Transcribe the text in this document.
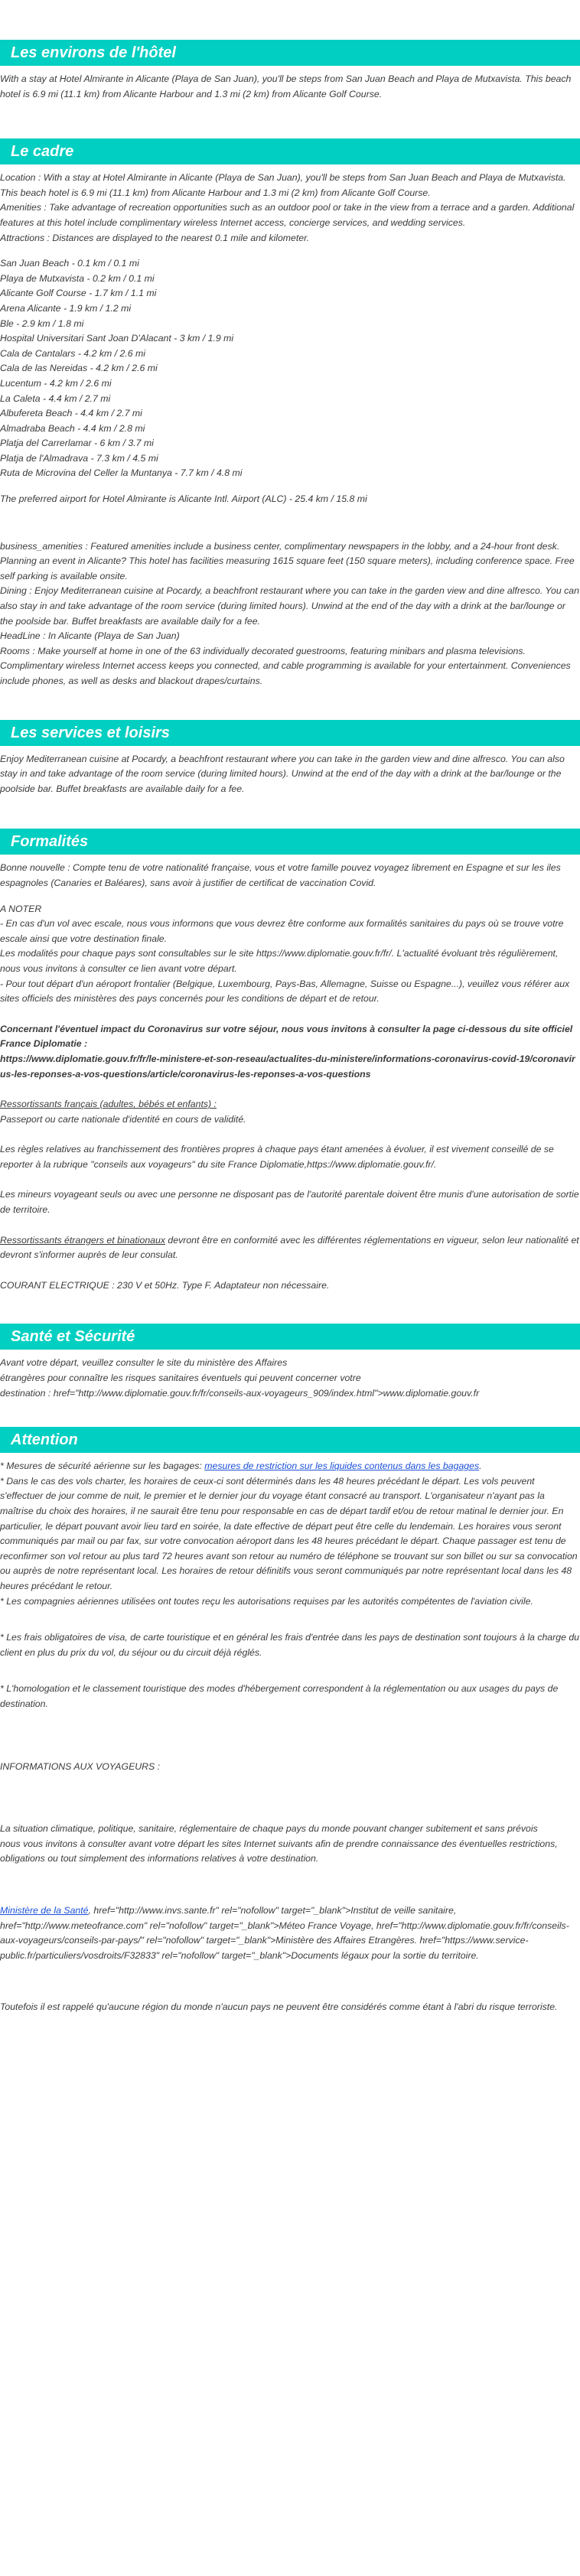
Les environs de l'hôtel

With a stay at Hotel Almirante in Alicante (Playa de San Juan), you'll be steps from San Juan Beach and Playa de Mutxavista. This beach hotel is 6.9 mi (11.1 km) from Alicante Harbour and 1.3 mi (2 km) from Alicante Golf Course.

Le cadre

Location : With a stay at Hotel Almirante in Alicante (Playa de San Juan), you'll be steps from San Juan Beach and Playa de Mutxavista. This beach hotel is 6.9 mi (11.1 km) from Alicante Harbour and 1.3 mi (2 km) from Alicante Golf Course.

Amenities : Take advantage of recreation opportunities such as an outdoor pool or take in the view from a terrace and a garden. Additional features at this hotel include complimentary wireless Internet access, concierge services, and wedding services.

Attractions : Distances are displayed to the nearest 0.1 mile and kilometer.

San Juan Beach - 0.1 km / 0.1 mi
Playa de Mutxavista - 0.2 km / 0.1 mi
Alicante Golf Course - 1.7 km / 1.1 mi
Arena Alicante - 1.9 km / 1.2 mi
Ble - 2.9 km / 1.8 mi
Hospital Universitari Sant Joan D'Alacant - 3 km / 1.9 mi
Cala de Cantalars - 4.2 km / 2.6 mi
Cala de las Nereidas - 4.2 km / 2.6 mi
Lucentum - 4.2 km / 2.6 mi
La Caleta - 4.4 km / 2.7 mi
Albufereta Beach - 4.4 km / 2.7 mi
Almadraba Beach - 4.4 km / 2.8 mi
Platja del Carrerlamar - 6 km / 3.7 mi
Platja de l'Almadrava - 7.3 km / 4.5 mi
Ruta de Microvina del Celler la Muntanya - 7.7 km / 4.8 mi

The preferred airport for Hotel Almirante is Alicante Intl. Airport (ALC) - 25.4 km / 15.8 mi

business_amenities : Featured amenities include a business center, complimentary newspapers in the lobby, and a 24-hour front desk. Planning an event in Alicante? This hotel has facilities measuring 1615 square feet (150 square meters), including conference space. Free self parking is available onsite.

Dining : Enjoy Mediterranean cuisine at Pocardy, a beachfront restaurant where you can take in the garden view and dine alfresco. You can also stay in and take advantage of the room service (during limited hours). Unwind at the end of the day with a drink at the bar/lounge or the poolside bar. Buffet breakfasts are available daily for a fee.

HeadLine : In Alicante (Playa de San Juan)

Rooms : Make yourself at home in one of the 63 individually decorated guestrooms, featuring minibars and plasma televisions. Complimentary wireless Internet access keeps you connected, and cable programming is available for your entertainment. Conveniences include phones, as well as desks and blackout drapes/curtains.

Les services et loisirs

Enjoy Mediterranean cuisine at Pocardy, a beachfront restaurant where you can take in the garden view and dine alfresco. You can also stay in and take advantage of the room service (during limited hours). Unwind at the end of the day with a drink at the bar/lounge or the poolside bar. Buffet breakfasts are available daily for a fee.

Formalités

Bonne nouvelle : Compte tenu de votre nationalité française, vous et votre famille pouvez voyagez librement en Espagne et sur les iles espagnoles (Canaries et Baléares), sans avoir à justifier de certificat de vaccination Covid.

A NOTER

- En cas d'un vol avec escale, nous vous informons que vous devrez être conforme aux formalités sanitaires du pays où se trouve votre escale ainsi que votre destination finale.

Les modalités pour chaque pays sont consultables sur le site https://www.diplomatie.gouv.fr/fr/. L'actualité évoluant très régulièrement, nous vous invitons à consulter ce lien avant votre départ.

- Pour tout départ d'un aéroport frontalier (Belgique, Luxembourg, Pays-Bas, Allemagne, Suisse ou Espagne...), veuillez vous référer aux sites officiels des ministères des pays concernés pour les conditions de départ et de retour.

Concernant l'éventuel impact du Coronavirus sur votre séjour, nous vous invitons à consulter la page ci-dessous du site officiel France Diplomatie :

https://www.diplomatie.gouv.fr/fr/le-ministere-et-son-reseau/actualites-du-ministere/informations-coronavirus-covid-19/coronavirus-les-reponses-a-vos-questions/article/coronavirus-les-reponses-a-vos-questions

Ressortissants français (adultes, bébés et enfants) :

Passeport ou carte nationale d'identité en cours de validité.

Les règles relatives au franchissement des frontières propres à chaque pays étant amenées à évoluer, il est vivement conseillé de se reporter à la rubrique "conseils aux voyageurs" du site France Diplomatie,https://www.diplomatie.gouv.fr/.

Les mineurs voyageant seuls ou avec une personne ne disposant pas de l'autorité parentale doivent être munis d'une autorisation de sortie de territoire.

Ressortissants étrangers et binationaux devront être en conformité avec les différentes réglementations en vigueur, selon leur nationalité et devront s'informer auprès de leur consulat.

COURANT ELECTRIQUE : 230 V et 50Hz. Type F. Adaptateur non nécessaire.

Santé et Sécurité
Avant votre départ, veuillez consulter le site du ministère des Affaires
étrangères pour connaître les risques sanitaires éventuels qui peuvent concerner votre
destination : href="http://www.diplomatie.gouv.fr/fr/conseils-aux-voyageurs_909/index.html">www.diplomatie.gouv.fr
Attention

* Mesures de sécurité aérienne sur les bagages: mesures de restriction sur les liquides contenus dans les bagages.

* Dans le cas des vols charter, les horaires de ceux-ci sont déterminés dans les 48 heures précédant le départ. Les vols peuvent s'effectuer de jour comme de nuit, le premier et le dernier jour du voyage étant consacré au transport. L'organisateur n'ayant pas la maîtrise du choix des horaires, il ne saurait être tenu pour responsable en cas de départ tardif et/ou de retour matinal le dernier jour. En particulier, le départ pouvant avoir lieu tard en soirée, la date effective de départ peut être celle du lendemain. Les horaires vous seront communiqués par mail ou par fax, sur votre convocation aéroport dans les 48 heures précédant le départ. Chaque passager est tenu de reconfirmer son vol retour au plus tard 72 heures avant son retour au numéro de téléphone se trouvant sur son billet ou sur sa convocation ou auprès de notre représentant local. Les horaires de retour définitifs vous seront communiqués par notre représentant local dans les 48 heures précédant le retour.

* Les compagnies aériennes utilisées ont toutes reçu les autorisations requises par les autorités compétentes de l'aviation civile.

* Les frais obligatoires de visa, de carte touristique et en général les frais d'entrée dans les pays de destination sont toujours à la charge du client en plus du prix du vol, du séjour ou du circuit déjà réglés.

* L'homologation et le classement touristique des modes d'hébergement correspondent à la réglementation ou aux usages du pays de destination.

INFORMATIONS AUX VOYAGEURS :

La situation climatique, politique, sanitaire, réglementaire de chaque pays du monde pouvant changer subitement et sans prévois

nous vous invitons à consulter avant votre départ les sites Internet suivants afin de prendre connaissance des éventuelles restrictions, obligations ou tout simplement des informations relatives à votre destination.

Ministère de la Santé, href="http://www.invs.sante.fr" rel="nofollow" target="_blank">Institut de veille sanitaire, href="http://www.meteofrance.com" rel="nofollow" target="_blank">Méteo France Voyage, href="http://www.diplomatie.gouv.fr/fr/conseils-aux-voyageurs/conseils-par-pays/" rel="nofollow" target="_blank">Ministère des Affaires Etrangères. href="https://www.service-public.fr/particuliers/vosdroits/F32833" rel="nofollow" target="_blank">Documents légaux pour la sortie du territoire.

Toutefois il est rappelé qu'aucune région du monde n'aucun pays ne peuvent être considérés comme étant à l'abri du risque terroriste.
